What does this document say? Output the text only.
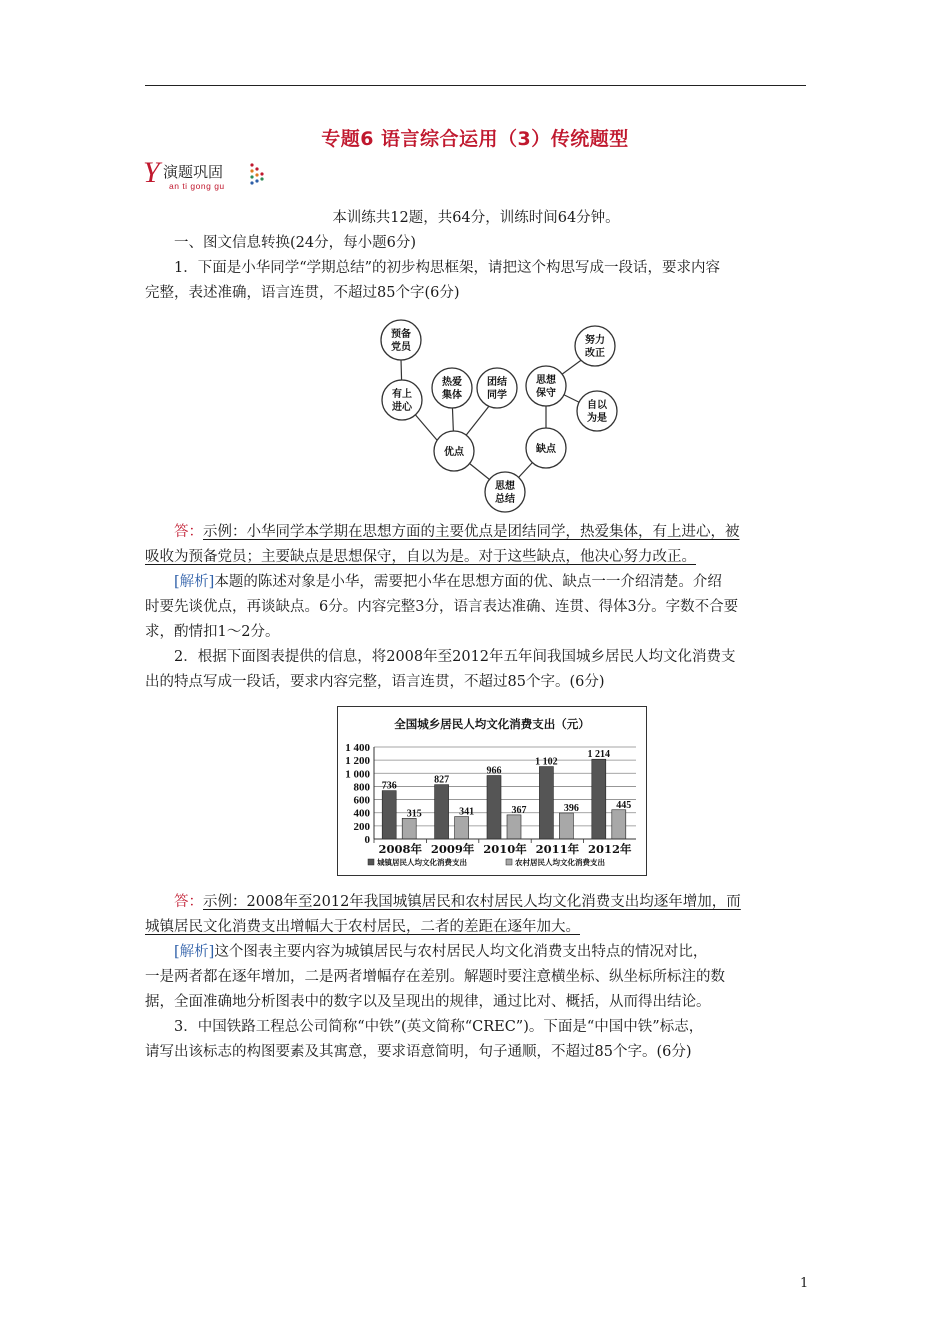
专题6 语言综合运用（3）传统题型
Y 演题巩固
an ti gong gu
本训练共12题，共64分，训练时间64分钟。
一、图文信息转换(24分，每小题6分)
1．下面是小华同学“学期总结”的初步构思框架，请把这个构思写成一段话，要求内容
完整，表述准确，语言连贯，不超过85个字(6分)
预备
党员
有上
进心
热爱
集体
团结
同学
优点
思想
总结
缺点
思想
保守
努力
改正
自以
为是
答：示例：小华同学本学期在思想方面的主要优点是团结同学，热爱集体，有上进心，被
吸收为预备党员；主要缺点是思想保守，自以为是。对于这些缺点，他决心努力改正。
[解析]本题的陈述对象是小华，需要把小华在思想方面的优、缺点一一介绍清楚。介绍
时要先谈优点，再谈缺点。6分。内容完整3分，语言表达准确、连贯、得体3分。字数不合要
求，酌情扣1～2分。
2．根据下面图表提供的信息，将2008年至2012年五年间我国城乡居民人均文化消费支
出的特点写成一段话，要求内容完整，语言连贯，不超过85个字。(6分)
全国城乡居民人均文化消费支出（元）
0
200
400
600
800
1 000
1 200
1 400
736
315
2008年
827
341
2009年
966
367
2010年
1 102
396
2011年
1 214
445
2012年
城镇居民人均文化消费支出	农村居民人均文化消费支出
答：示例：2008年至2012年我国城镇居民和农村居民人均文化消费支出均逐年增加，而
城镇居民文化消费支出增幅大于农村居民，二者的差距在逐年加大。
[解析]这个图表主要内容为城镇居民与农村居民人均文化消费支出特点的情况对比，
一是两者都在逐年增加，二是两者增幅存在差别。解题时要注意横坐标、纵坐标所标注的数
据，全面准确地分析图表中的数字以及呈现出的规律，通过比对、概括，从而得出结论。
3．中国铁路工程总公司简称“中铁”(英文简称“CREC”)。下面是“中国中铁”标志，
请写出该标志的构图要素及其寓意，要求语意简明，句子通顺，不超过85个字。(6分)
1
